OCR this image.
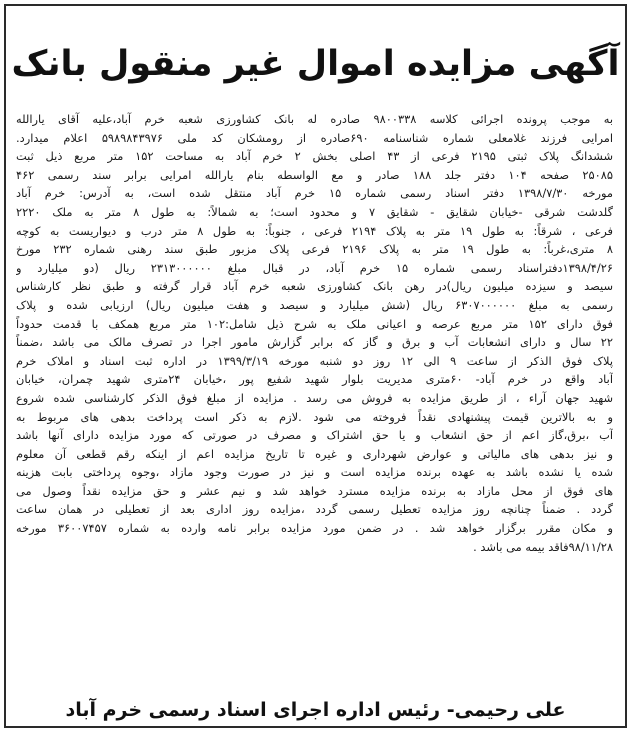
آگهی مزایده اموال غیر منقول بانک
به موجب پرونده اجرائی کلاسه ۹۸۰۰۳۳۸ صادره له بانک کشاورزی شعبه خرم آباد،علیه آقای یارالله
امرایی فرزند غلامعلی شماره شناسنامه ۶۹۰صادره از رومشکان کد ملی ۵۹۸۹۸۴۳۹۷۶ اعلام میدارد.
ششدانگ پلاک ثبتی ۲۱۹۵ فرعی از ۴۳ اصلی بخش ۲ خرم آباد به مساحت ۱۵۲ متر مربع ذیل ثبت
۲۵۰۸۵ صفحه ۱۰۴ دفتر جلد ۱۸۸ صادر و مع الواسطه بنام یارالله امرایی برابر سند رسمی ۴۶۲
مورخه ۱۳۹۸/۷/۳۰ دفتر اسناد رسمی شماره ۱۵ خرم آباد منتقل شده است، به آدرس: خرم آباد
گلدشت شرقی -خیابان شقایق - شقایق ۷ و محدود است؛ به شمالاً: به طول ۸ متر به ملک ۲۲۲۰
فرعی ، شرقاً: به طول ۱۹ متر به پلاک ۲۱۹۴ فرعی ، جنوباً: به طول ۸ متر درب و دیواریست به کوچه
۸ متری،غرباً: به طول ۱۹ متر به پلاک ۲۱۹۶ فرعی پلاک مزبور طبق سند رهنی شماره ۲۳۲ مورخ
۱۳۹۸/۴/۲۶دفتراسناد رسمی شماره ۱۵ خرم آباد، در قبال مبلغ ۲۳۱۳۰۰۰۰۰۰ ریال (دو میلیارد و
سیصد و سیزده میلیون ریال)در رهن بانک کشاورزی شعبه خرم آباد قرار گرفته و طبق نظر کارشناس
رسمی به مبلغ ۶۳۰۷۰۰۰۰۰۰ ریال (شش میلیارد و سیصد و هفت میلیون ریال) ارزیابی شده و پلاک
فوق دارای ۱۵۲ متر مربع عرصه و اعیانی ملک به شرح ذیل شامل:۱۰۲ متر مربع همکف با قدمت حدوداً
۲۲ سال و دارای انشعابات آب و برق و گاز که برابر گزارش مامور اجرا در تصرف مالک می باشد ،ضمناً
پلاک فوق الذکر از ساعت ۹ الی ۱۲ روز دو شنبه مورخه ۱۳۹۹/۳/۱۹ در اداره ثبت اسناد و املاک خرم
آباد واقع در خرم آباد- ۶۰متری مدیریت بلوار شهید شفیع پور ،خیابان ۲۴متری شهید چمران، خیابان
شهید جهان آراء ، از طریق مزایده به فروش می رسد . مزایده از مبلغ فوق الذکر کارشناسی شده شروع
و به بالاترین قیمت پیشنهادی نقداً فروخته می شود .لازم به ذکر است پرداخت بدهی های مربوط به
آب ،برق،گاز اعم از حق انشعاب و یا حق اشتراک و مصرف در صورتی که مورد مزایده دارای آنها باشد
و نیز بدهی های مالیاتی و عوارض شهرداری و غیره تا تاریخ مزایده اعم از اینکه رقم قطعی آن معلوم
شده یا نشده باشد به عهده برنده مزایده است و نیز در صورت وجود مازاد ،وجوه پرداختی بابت هزینه
های فوق از محل مازاد به برنده مزایده مسترد خواهد شد و نیم عشر و حق مزایده نقداً وصول می
گردد . ضمناً چنانچه روز مزایده تعطیل رسمی گردد ،مزایده روز اداری بعد از تعطیلی در همان ساعت
و مکان مقرر برگزار خواهد شد . در ضمن مورد مزایده برابر نامه وارده به شماره ۳۶۰۰۷۴۵۷ مورخه
۹۸/۱۱/۲۸فاقد بیمه می باشد .
علی رحیمی- رئیس اداره اجرای اسناد رسمی خرم آباد
